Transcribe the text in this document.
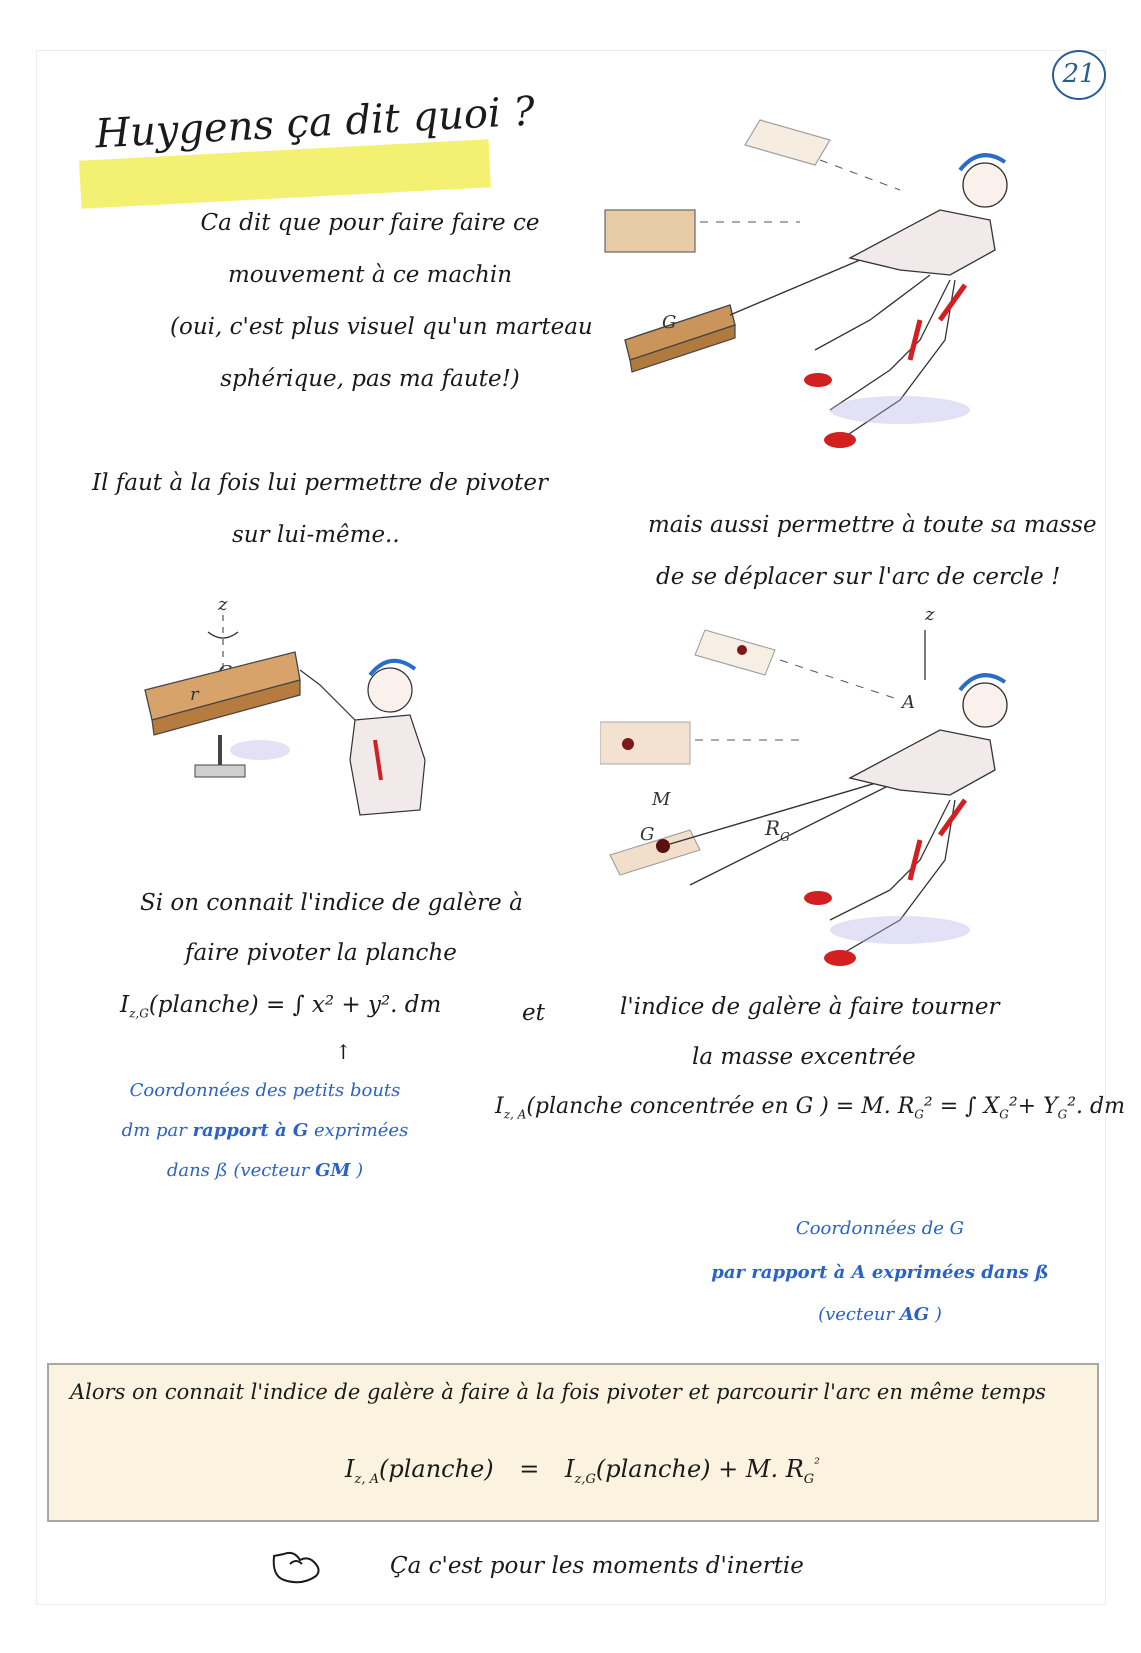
21
Huygens ça dit quoi ?
Ca dit que pour faire faire ce
mouvement à ce machin
(oui, c'est plus visuel qu'un marteau
sphérique, pas ma faute!)
G
Il faut à la fois lui permettre de pivoter
sur lui-même..	mais aussi permettre à toute sa masse
de se déplacer sur l'arc de cercle !
z
r
z
A
M
G	$R_G$
Si on connait l'indice de galère à
faire pivoter la planche
$I_{z,G}(planche)$ = ∫ x² + y². dm
↑
et
Coordonnées des petits bouts
dm par rapport à G exprimées
dans ß (vecteur GM )
l'indice de galère à faire tourner
la masse excentrée
$I_{z, A}(planche$ concentrée en G ) = M. $R_G^2$ = ∫ $X_G^2+ Y_G^2$. dm
Coordonnées de G
par rapport à A exprimées dans ß
(vecteur AG )
Alors on connait l'indice de galère à faire à la fois pivoter et parcourir l'arc en même temps
$I_{z, A}(planche)$ = $I_{z,G}(planche) + M$. $R_G^{^2}$
Ça c'est pour les moments d'inertie
